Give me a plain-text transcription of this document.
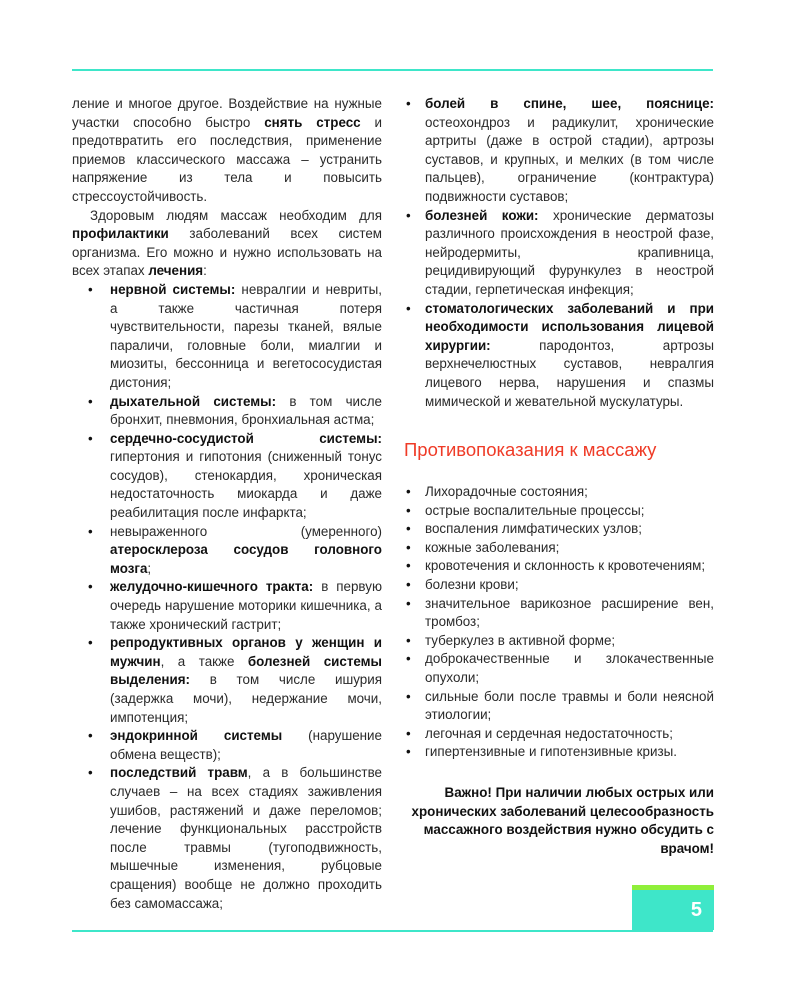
ление и многое другое. Воздействие на нужные участки способно быстро снять стресс и предотвратить его последствия, применение приемов классического массажа – устранить напряжение из тела и повысить стрессоустойчивость.

Здоровым людям массаж необходим для профилактики заболеваний всех систем организма. Его можно и нужно использовать на всех этапах лечения:

• нервной системы: невралгии и невриты, а также частичная потеря чувствительности, парезы тканей, вялые параличи, головные боли, миалгии и миозиты, бессонница и вегетососудистая дистония;
• дыхательной системы: в том числе бронхит, пневмония, бронхиальная астма;
• сердечно-сосудистой системы: гипертония и гипотония (сниженный тонус сосудов), стенокардия, хроническая недостаточность миокарда и даже реабилитация после инфаркта;
• невыраженного (умеренного) атеросклероза сосудов головного мозга;
• желудочно-кишечного тракта: в первую очередь нарушение моторики кишечника, а также хронический гастрит;
• репродуктивных органов у женщин и мужчин, а также болезней системы выделения: в том числе ишурия (задержка мочи), недержание мочи, импотенция;
• эндокринной системы (нарушение обмена веществ);
• последствий травм, а в большинстве случаев – на всех стадиях заживления ушибов, растяжений и даже переломов; лечение функциональных расстройств после травмы (тугоподвижность, мышечные изменения, рубцовые сращения) вообще не должно проходить без самомассажа;
• болей в спине, шее, пояснице: остеохондроз и радикулит, хронические артриты (даже в острой стадии), артрозы суставов, и крупных, и мелких (в том числе пальцев), ограничение (контрактура) подвижности суставов;
• болезней кожи: хронические дерматозы различного происхождения в неострой фазе, нейродермиты, крапивница, рецидивирующий фурункулез в неострой стадии, герпетическая инфекция;
• стоматологических заболеваний и при необходимости использования лицевой хирургии: пародонтоз, артрозы верхнечелюстных суставов, невралгия лицевого нерва, нарушения и спазмы мимической и жевательной мускулатуры.
Противопоказания к массажу
• Лихорадочные состояния;
• острые воспалительные процессы;
• воспаления лимфатических узлов;
• кожные заболевания;
• кровотечения и склонность к кровотечениям;
• болезни крови;
• значительное варикозное расширение вен, тромбоз;
• туберкулез в активной форме;
• доброкачественные и злокачественные опухоли;
• сильные боли после травмы и боли неясной этиологии;
• легочная и сердечная недостаточность;
• гипертензивные и гипотензивные кризы.

Важно! При наличии любых острых или хронических заболеваний целесообразность массажного воздействия нужно обсудить с врачом!

5
